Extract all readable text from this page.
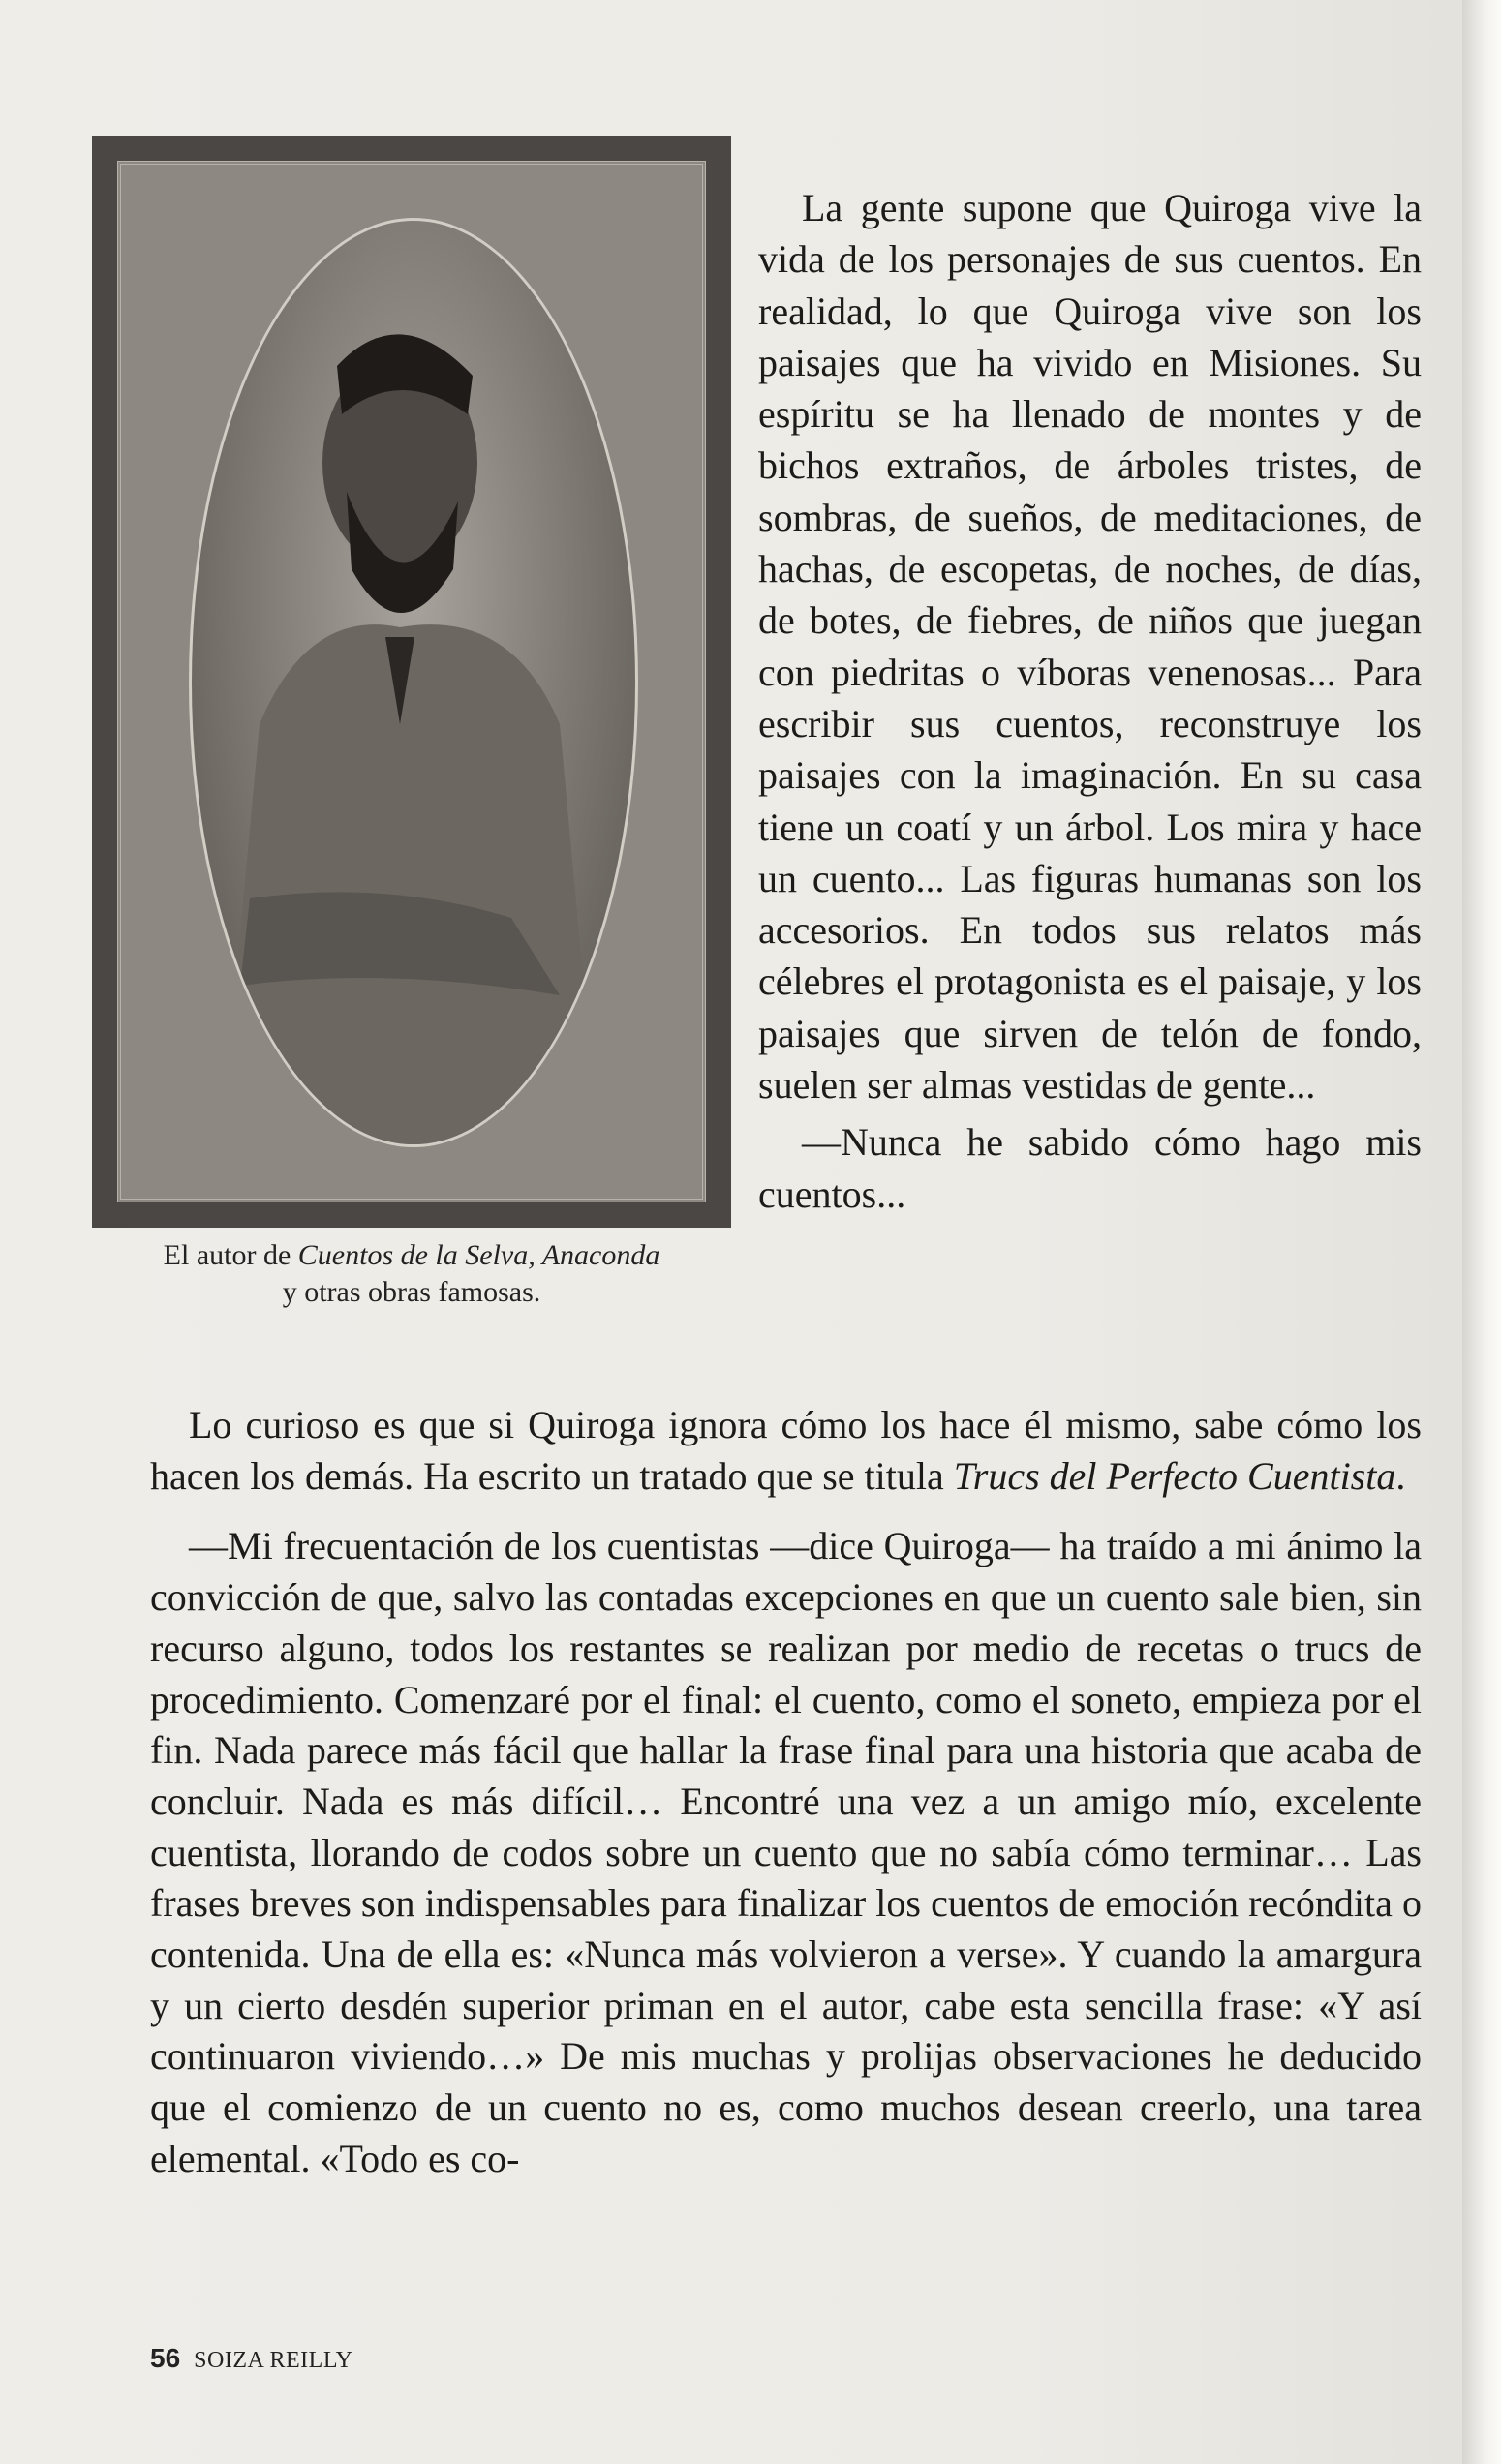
El autor de Cuentos de la Selva, Anaconda
y otras obras famosas.

La gente supone que Quiroga vive la vida de los personajes de sus cuentos. En realidad, lo que Quiroga vive son los paisajes que ha vivido en Misiones. Su espíritu se ha llenado de montes y de bichos extraños, de árboles tristes, de sombras, de sueños, de meditaciones, de hachas, de escopetas, de noches, de días, de botes, de fiebres, de niños que juegan con piedritas o víboras venenosas... Para escribir sus cuentos, reconstruye los paisajes con la imaginación. En su casa tiene un coatí y un árbol. Los mira y hace un cuento... Las figuras humanas son los accesorios. En todos sus relatos más célebres el protagonista es el paisaje, y los paisajes que sirven de telón de fondo, suelen ser almas vestidas de gente...

—Nunca he sabido cómo hago mis cuentos...

Lo curioso es que si Quiroga ignora cómo los hace él mismo, sabe cómo los hacen los demás. Ha escrito un tratado que se titula Trucs del Perfecto Cuentista.

—Mi frecuentación de los cuentistas —dice Quiroga— ha traído a mi ánimo la convicción de que, salvo las contadas excepciones en que un cuento sale bien, sin recurso alguno, todos los restantes se realizan por medio de recetas o trucs de procedimiento. Comenzaré por el final: el cuento, como el soneto, empieza por el fin. Nada parece más fácil que hallar la frase final para una historia que acaba de concluir. Nada es más difícil… Encontré una vez a un amigo mío, excelente cuentista, llorando de codos sobre un cuento que no sabía cómo terminar… Las frases breves son indispensables para finalizar los cuentos de emoción recóndita o contenida. Una de ella es: «Nunca más volvieron a verse». Y cuando la amargura y un cierto desdén superior priman en el autor, cabe esta sencilla frase: «Y así continuaron viviendo…» De mis muchas y prolijas observaciones he deducido que el comienzo de un cuento no es, como muchos desean creerlo, una tarea elemental. «Todo es co-

56 SOIZA REILLY
